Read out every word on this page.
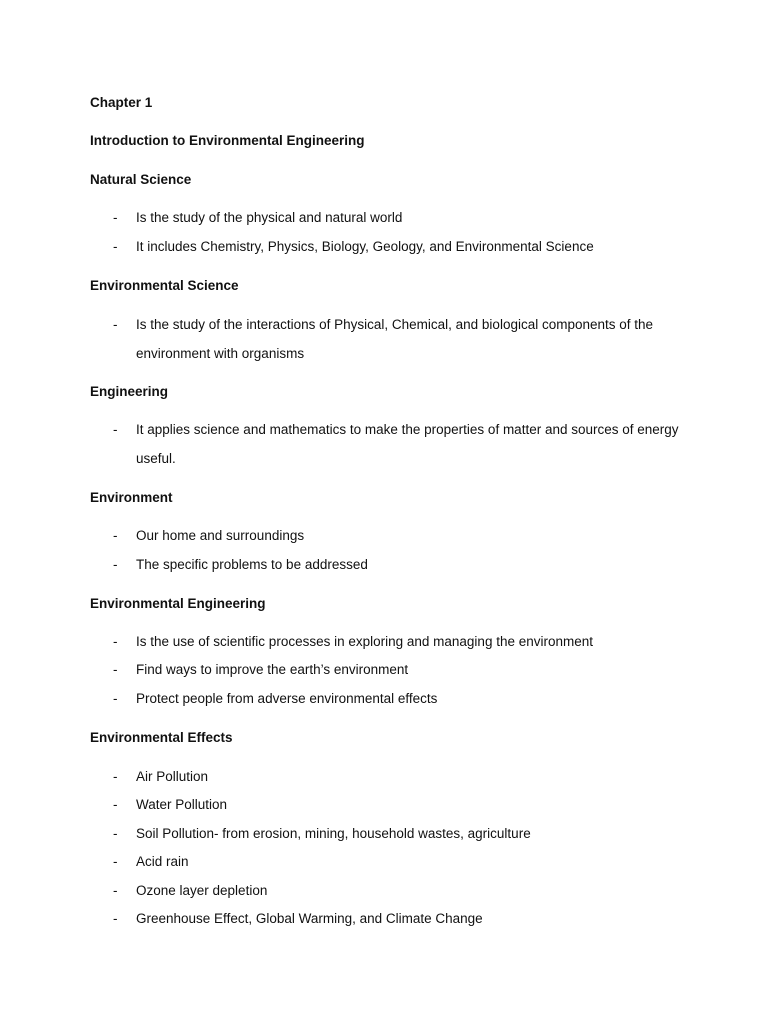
Chapter 1
Introduction to Environmental Engineering
Natural Science
- Is the study of the physical and natural world
- It includes Chemistry, Physics, Biology, Geology, and Environmental Science
Environmental Science
- Is the study of the interactions of Physical, Chemical, and biological components of the environment with organisms
Engineering
- It applies science and mathematics to make the properties of matter and sources of energy useful.
Environment
- Our home and surroundings
- The specific problems to be addressed
Environmental Engineering
- Is the use of scientific processes in exploring and managing the environment
- Find ways to improve the earth’s environment
- Protect people from adverse environmental effects
Environmental Effects
- Air Pollution
- Water Pollution
- Soil Pollution- from erosion, mining, household wastes, agriculture
- Acid rain
- Ozone layer depletion
- Greenhouse Effect, Global Warming, and Climate Change
